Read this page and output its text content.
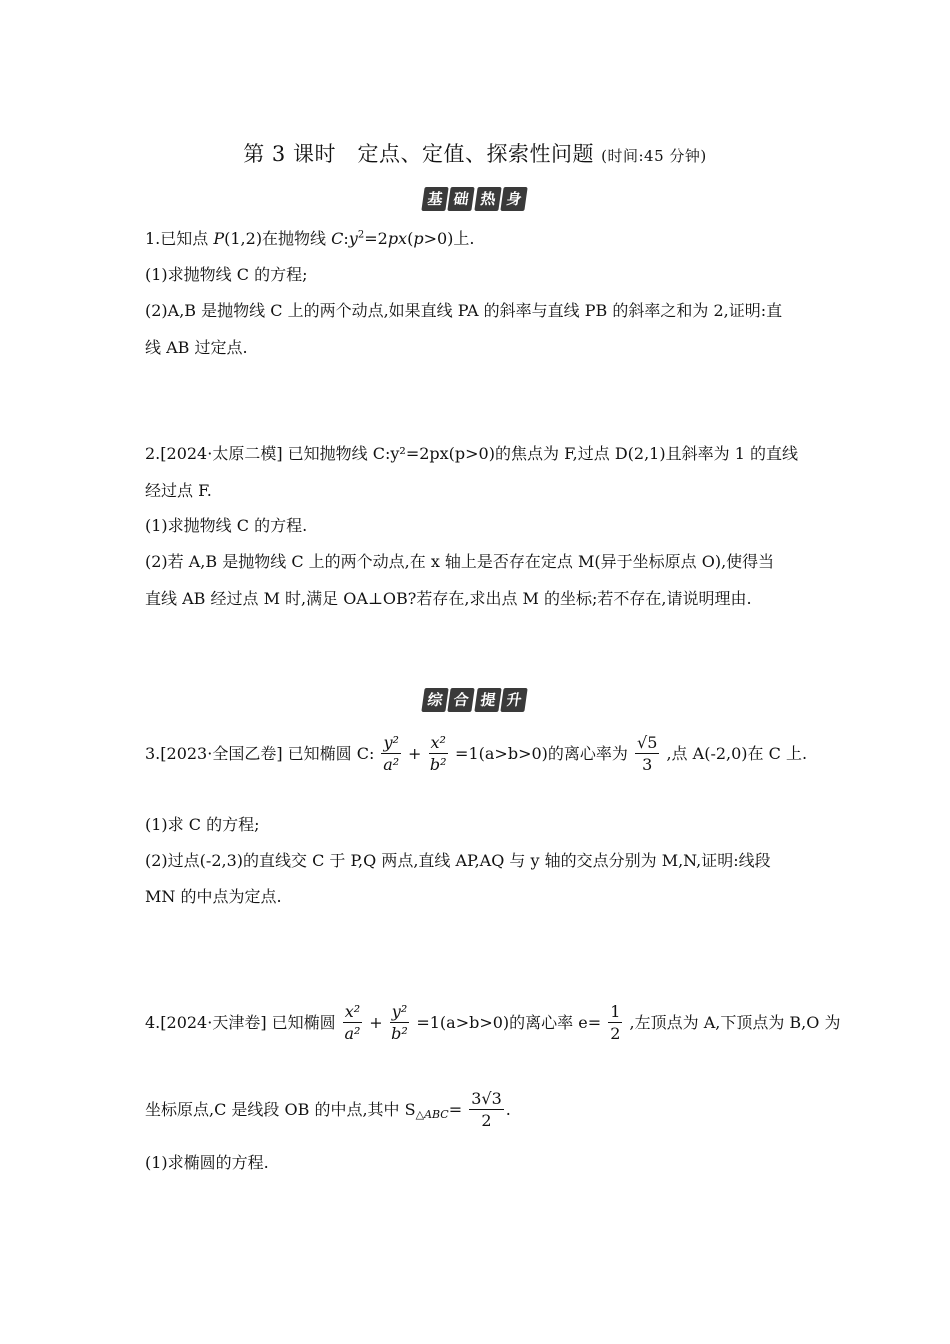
第 3 课时　定点、定值、探索性问题 (时间:45 分钟)
基 础 热 身
1.已知点 P(1,2)在抛物线 $C:y^2=2px(p>0)$上.
(1)求抛物线 C 的方程;
(2)A,B 是抛物线 C 上的两个动点,如果直线 PA 的斜率与直线 PB 的斜率之和为 2,证明:直
线 AB 过定点.
2.[2024·太原二模] 已知抛物线 C:y²=2px(p>0)的焦点为 F,过点 D(2,1)且斜率为 1 的直线
经过点 F.
(1)求抛物线 C 的方程.
(2)若 A,B 是抛物线 C 上的两个动点,在 x 轴上是否存在定点 M(异于坐标原点 O),使得当
直线 AB 经过点 M 时,满足 OA⊥OB?若存在,求出点 M 的坐标;若不存在,请说明理由.
综 合 提 升
3.[2023·全国乙卷] 已知椭圆 C: $\frac{\text{y²}}{\text{a²}} + \frac{\text{x²}}{\text{b²}} =1(a>b>0)$的离心率为 $\frac{√5}{3}$ ,点 A(-2,0)在 C 上.
(1)求 C 的方程;
(2)过点(-2,3)的直线交 C 于 P,Q 两点,直线 AP,AQ 与 y 轴的交点分别为 M,N,证明:线段
MN 的中点为定点.
4.[2024·天津卷] 已知椭圆 $\frac{\text{x²}}{\text{a²}} + \frac{\text{y²}}{\text{b²}} =1(a>b>0)$的离心率 $e= \frac{1}{2}$ ,左顶点为 A,下顶点为 B,O 为
坐标原点,C 是线段 OB 的中点,其中 $S_{\triangle ABC}= \frac{3√3}{2}$ .
(1)求椭圆的方程.
